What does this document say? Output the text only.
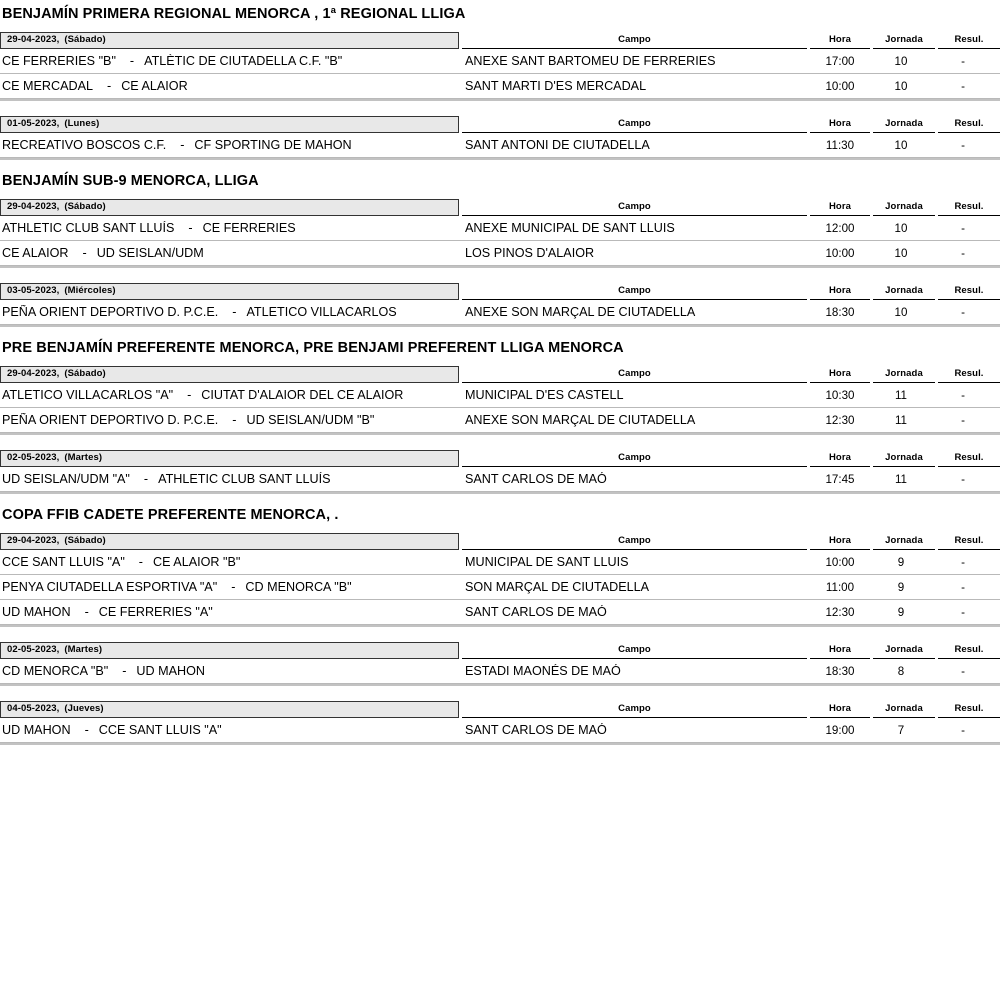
BENJAMÍN PRIMERA REGIONAL MENORCA , 1ª REGIONAL LLIGA
29-04-2023, (Sábado)	Campo	Hora	Jornada	Resul.
CE FERRERIES "B" - ATLÈTIC DE CIUTADELLA C.F. "B"	ANEXE SANT BARTOMEU DE FERRERIES	17:00	10	-
CE MERCADAL - CE ALAIOR	SANT MARTI D'ES MERCADAL	10:00	10	-
01-05-2023, (Lunes)	Campo	Hora	Jornada	Resul.
RECREATIVO BOSCOS C.F. - CF SPORTING DE MAHON	SANT ANTONI DE CIUTADELLA	11:30	10	-
BENJAMÍN SUB-9 MENORCA, LLIGA
29-04-2023, (Sábado)	Campo	Hora	Jornada	Resul.
ATHLETIC CLUB SANT LLUÍS - CE FERRERIES	ANEXE MUNICIPAL DE SANT LLUIS	12:00	10	-
CE ALAIOR - UD SEISLAN/UDM	LOS PINOS D'ALAIOR	10:00	10	-
03-05-2023, (Miércoles)	Campo	Hora	Jornada	Resul.
PEÑA ORIENT DEPORTIVO D. P.C.E. - ATLETICO VILLACARLOS	ANEXE SON MARÇAL DE CIUTADELLA	18:30	10	-
PRE BENJAMÍN PREFERENTE MENORCA, PRE BENJAMI PREFERENT LLIGA MENORCA
29-04-2023, (Sábado)	Campo	Hora	Jornada	Resul.
ATLETICO VILLACARLOS "A" - CIUTAT D'ALAIOR DEL CE ALAIOR	MUNICIPAL D'ES CASTELL	10:30	11	-
PEÑA ORIENT DEPORTIVO D. P.C.E. - UD SEISLAN/UDM "B"	ANEXE SON MARÇAL DE CIUTADELLA	12:30	11	-
02-05-2023, (Martes)	Campo	Hora	Jornada	Resul.
UD SEISLAN/UDM "A" - ATHLETIC CLUB SANT LLUÍS	SANT CARLOS DE MAÓ	17:45	11	-
COPA FFIB CADETE PREFERENTE MENORCA, .
29-04-2023, (Sábado)	Campo	Hora	Jornada	Resul.
CCE SANT LLUIS "A" - CE ALAIOR "B"	MUNICIPAL DE SANT LLUIS	10:00	9	-
PENYA CIUTADELLA ESPORTIVA "A" - CD MENORCA "B"	SON MARÇAL DE CIUTADELLA	11:00	9	-
UD MAHON - CE FERRERIES "A"	SANT CARLOS DE MAÓ	12:30	9	-
02-05-2023, (Martes)	Campo	Hora	Jornada	Resul.
CD MENORCA "B" - UD MAHON	ESTADI MAONÉS DE MAÓ	18:30	8	-
04-05-2023, (Jueves)	Campo	Hora	Jornada	Resul.
UD MAHON - CCE SANT LLUIS "A"	SANT CARLOS DE MAÓ	19:00	7	-
